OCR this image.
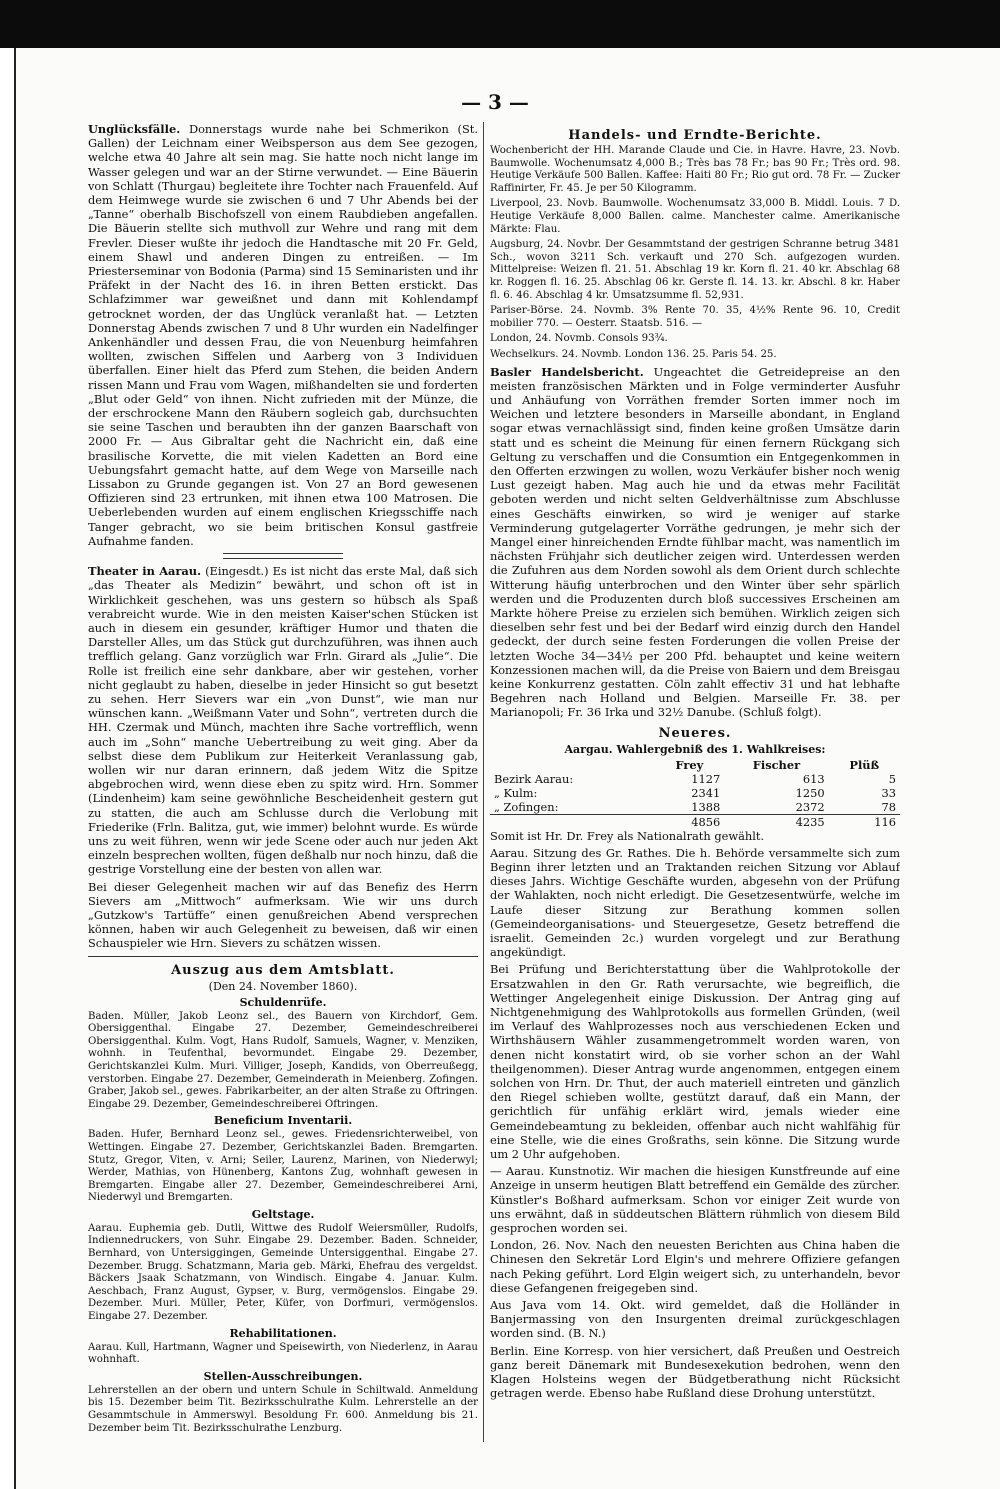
— 3 —

Unglücksfälle. Donnerstags wurde nahe bei Schmerikon (St. Gallen) der Leichnam einer Weibsperson aus dem See gezogen, welche etwa 40 Jahre alt sein mag. Sie hatte noch nicht lange im Wasser gelegen und war an der Stirne verwundet. — Eine Bäuerin von Schlatt (Thurgau) begleitete ihre Tochter nach Frauenfeld. Auf dem Heimwege wurde sie zwischen 6 und 7 Uhr Abends bei der „Tanne“ oberhalb Bischofszell von einem Raubdieben angefallen. Die Bäuerin stellte sich muthvoll zur Wehre und rang mit dem Frevler. Dieser wußte ihr jedoch die Handtasche mit 20 Fr. Geld, einem Shawl und anderen Dingen zu entreißen. — Im Priesterseminar von Bodonia (Parma) sind 15 Seminaristen und ihr Präfekt in der Nacht des 16. in ihren Betten erstickt. Das Schlafzimmer war geweißnet und dann mit Kohlendampf getrocknet worden, der das Unglück veranlaßt hat. — Letzten Donnerstag Abends zwischen 7 und 8 Uhr wurden ein Nadelfinger Ankenhändler und dessen Frau, die von Neuenburg heimfahren wollten, zwischen Siffelen und Aarberg von 3 Individuen überfallen. Einer hielt das Pferd zum Stehen, die beiden Andern rissen Mann und Frau vom Wagen, mißhandelten sie und forderten „Blut oder Geld“ von ihnen. Nicht zufrieden mit der Münze, die der erschrockene Mann den Räubern sogleich gab, durchsuchten sie seine Taschen und beraubten ihn der ganzen Baarschaft von 2000 Fr. — Aus Gibraltar geht die Nachricht ein, daß eine brasilische Korvette, die mit vielen Kadetten an Bord eine Uebungsfahrt gemacht hatte, auf dem Wege von Marseille nach Lissabon zu Grunde gegangen ist. Von 27 an Bord gewesenen Offizieren sind 23 ertrunken, mit ihnen etwa 100 Matrosen. Die Ueberlebenden wurden auf einem englischen Kriegsschiffe nach Tanger gebracht, wo sie beim britischen Konsul gastfreie Aufnahme fanden.

Theater in Aarau. (Eingesdt.) Es ist nicht das erste Mal, daß sich „das Theater als Medizin“ bewährt, und schon oft ist in Wirklichkeit geschehen, was uns gestern so hübsch als Spaß verabreicht wurde. Wie in den meisten Kaiser'schen Stücken ist auch in diesem ein gesunder, kräftiger Humor und thaten die Darsteller Alles, um das Stück gut durchzuführen, was ihnen auch trefflich gelang. Ganz vorzüglich war Frln. Girard als „Julie“. Die Rolle ist freilich eine sehr dankbare, aber wir gestehen, vorher nicht geglaubt zu haben, dieselbe in jeder Hinsicht so gut besetzt zu sehen. Herr Sievers war ein „von Dunst“, wie man nur wünschen kann. „Weißmann Vater und Sohn“, vertreten durch die HH. Czermak und Münch, machten ihre Sache vortrefflich, wenn auch im „Sohn“ manche Uebertreibung zu weit ging. Aber da selbst diese dem Publikum zur Heiterkeit Veranlassung gab, wollen wir nur daran erinnern, daß jedem Witz die Spitze abgebrochen wird, wenn diese eben zu spitz wird. Hrn. Sommer (Lindenheim) kam seine gewöhnliche Bescheidenheit gestern gut zu statten, die auch am Schlusse durch die Verlobung mit Friederike (Frln. Balitza, gut, wie immer) belohnt wurde. Es würde uns zu weit führen, wenn wir jede Scene oder auch nur jeden Akt einzeln besprechen wollten, fügen deßhalb nur noch hinzu, daß die gestrige Vorstellung eine der besten von allen war.

Bei dieser Gelegenheit machen wir auf das Benefiz des Herrn Sievers am „Mittwoch“ aufmerksam. Wie wir uns durch „Gutzkow's Tartüffe“ einen genußreichen Abend versprechen können, haben wir auch Gelegenheit zu beweisen, daß wir einen Schauspieler wie Hrn. Sievers zu schätzen wissen.

Auszug aus dem Amtsblatt.
(Den 24. November 1860).
Schuldenrüfe.

Baden. Müller, Jakob Leonz sel., des Bauern von Kirchdorf, Gem. Obersiggenthal. Eingabe 27. Dezember, Gemeindeschreiberei Obersiggenthal. Kulm. Vogt, Hans Rudolf, Samuels, Wagner, v. Menziken, wohnh. in Teufenthal, bevormundet. Eingabe 29. Dezember, Gerichtskanzlei Kulm. Muri. Villiger, Joseph, Kandids, von Oberreußegg, verstorben. Eingabe 27. Dezember, Gemeinderath in Meienberg. Zofingen. Graber, Jakob sel., gewes. Fabrikarbeiter, an der alten Straße zu Oftringen. Eingabe 29. Dezember, Gemeindeschreiberei Oftringen.

Beneficium Inventarii.

Baden. Hufer, Bernhard Leonz sel., gewes. Friedensrichterweibel, von Wettingen. Eingabe 27. Dezember, Gerichtskanzlei Baden. Bremgarten. Stutz, Gregor, Viten, v. Arni; Seiler, Laurenz, Marinen, von Niederwyl; Werder, Mathias, von Hünenberg, Kantons Zug, wohnhaft gewesen in Bremgarten. Eingabe aller 27. Dezember, Gemeindeschreiberei Arni, Niederwyl und Bremgarten.

Geltstage.

Aarau. Euphemia geb. Dutli, Wittwe des Rudolf Weiersmüller, Rudolfs, Indiennedruckers, von Suhr. Eingabe 29. Dezember. Baden. Schneider, Bernhard, von Untersiggingen, Gemeinde Untersiggenthal. Eingabe 27. Dezember. Brugg. Schatzmann, Maria geb. Märki, Ehefrau des vergeldst. Bäckers Jsaak Schatzmann, von Windisch. Eingabe 4. Januar. Kulm. Aeschbach, Franz August, Gypser, v. Burg, vermögenslos. Eingabe 29. Dezember. Muri. Müller, Peter, Küfer, von Dorfmuri, vermögenslos. Eingabe 27. Dezember.

Rehabilitationen.

Aarau. Kull, Hartmann, Wagner und Speisewirth, von Niederlenz, in Aarau wohnhaft.

Stellen-Ausschreibungen.

Lehrerstellen an der obern und untern Schule in Schiltwald. Anmeldung bis 15. Dezember beim Tit. Bezirksschulrathe Kulm. Lehrerstelle an der Gesammtschule in Ammerswyl. Besoldung Fr. 600. Anmeldung bis 21. Dezember beim Tit. Bezirksschulrathe Lenzburg.

Handels- und Erndte-Berichte.

Wochenbericht der HH. Marande Claude und Cie. in Havre. Havre, 23. Novb. Baumwolle. Wochenumsatz 4,000 B.; Très bas 78 Fr.; bas 90 Fr.; Très ord. 98. Heutige Verkäufe 500 Ballen. Kaffee: Haiti 80 Fr.; Rio gut ord. 78 Fr. — Zucker Raffinirter, Fr. 45. Je per 50 Kilogramm.

Liverpool, 23. Novb. Baumwolle. Wochenumsatz 33,000 B. Middl. Louis. 7 D. Heutige Verkäufe 8,000 Ballen. calme. Manchester calme. Amerikanische Märkte: Flau.

Augsburg, 24. Novbr. Der Gesammtstand der gestrigen Schranne betrug 3481 Sch., wovon 3211 Sch. verkauft und 270 Sch. aufgezogen wurden. Mittelpreise: Weizen fl. 21. 51. Abschlag 19 kr. Korn fl. 21. 40 kr. Abschlag 68 kr. Roggen fl. 16. 25. Abschlag 06 kr. Gerste fl. 14. 13. kr. Abschl. 8 kr. Haber fl. 6. 46. Abschlag 4 kr. Umsatzsumme fl. 52,931.

Pariser-Börse. 24. Novmb. 3% Rente 70. 35, 4½% Rente 96. 10, Credit mobilier 770. — Oesterr. Staatsb. 516. —

London, 24. Novmb. Consols 93¾.

Wechselkurs. 24. Novmb. London 136. 25. Paris 54. 25.

Basler Handelsbericht. Ungeachtet die Getreidepreise an den meisten französischen Märkten und in Folge verminderter Ausfuhr und Anhäufung von Vorräthen fremder Sorten immer noch im Weichen und letztere besonders in Marseille abondant, in England sogar etwas vernachlässigt sind, finden keine großen Umsätze darin statt und es scheint die Meinung für einen fernern Rückgang sich Geltung zu verschaffen und die Consumtion ein Entgegenkommen in den Offerten erzwingen zu wollen, wozu Verkäufer bisher noch wenig Lust gezeigt haben. Mag auch hie und da etwas mehr Facilität geboten werden und nicht selten Geldverhältnisse zum Abschlusse eines Geschäfts einwirken, so wird je weniger auf starke Verminderung gutgelagerter Vorräthe gedrungen, je mehr sich der Mangel einer hinreichenden Erndte fühlbar macht, was namentlich im nächsten Frühjahr sich deutlicher zeigen wird. Unterdessen werden die Zufuhren aus dem Norden sowohl als dem Orient durch schlechte Witterung häufig unterbrochen und den Winter über sehr spärlich werden und die Produzenten durch bloß successives Erscheinen am Markte höhere Preise zu erzielen sich bemühen. Wirklich zeigen sich dieselben sehr fest und bei der Bedarf wird einzig durch den Handel gedeckt, der durch seine festen Forderungen die vollen Preise der letzten Woche 34—34½ per 200 Pfd. behauptet und keine weitern Konzessionen machen will, da die Preise von Baiern und dem Breisgau keine Konkurrenz gestatten. Cöln zahlt effectiv 31 und hat lebhafte Begehren nach Holland und Belgien. Marseille Fr. 38. per Marianopoli; Fr. 36 Irka und 32½ Danube. (Schluß folgt).

Neueres.
Aargau. Wahlergebniß des 1. Wahlkreises:
	Frey	Fischer	Plüß
Bezirk Aarau:	1127	613	5
„ Kulm:	2341	1250	33
„ Zofingen:	1388	2372	78
	4856	4235	116

Somit ist Hr. Dr. Frey als Nationalrath gewählt.

Aarau. Sitzung des Gr. Rathes. Die h. Behörde versammelte sich zum Beginn ihrer letzten und an Traktanden reichen Sitzung vor Ablauf dieses Jahrs. Wichtige Geschäfte wurden, abgesehn von der Prüfung der Wahlakten, noch nicht erledigt. Die Gesetzesentwürfe, welche im Laufe dieser Sitzung zur Berathung kommen sollen (Gemeindeorganisations- und Steuergesetze, Gesetz betreffend die israelit. Gemeinden 2c.) wurden vorgelegt und zur Berathung angekündigt.

Bei Prüfung und Berichterstattung über die Wahlprotokolle der Ersatzwahlen in den Gr. Rath verursachte, wie begreiflich, die Wettinger Angelegenheit einige Diskussion. Der Antrag ging auf Nichtgenehmigung des Wahlprotokolls aus formellen Gründen, (weil im Verlauf des Wahlprozesses noch aus verschiedenen Ecken und Wirthshäusern Wähler zusammengetrommelt worden waren, von denen nicht konstatirt wird, ob sie vorher schon an der Wahl theilgenommen). Dieser Antrag wurde angenommen, entgegen einem solchen von Hrn. Dr. Thut, der auch materiell eintreten und gänzlich den Riegel schieben wollte, gestützt darauf, daß ein Mann, der gerichtlich für unfähig erklärt wird, jemals wieder eine Gemeindebeamtung zu bekleiden, offenbar auch nicht wahlfähig für eine Stelle, wie die eines Großraths, sein könne. Die Sitzung wurde um 2 Uhr aufgehoben.

— Aarau. Kunstnotiz. Wir machen die hiesigen Kunstfreunde auf eine Anzeige in unserm heutigen Blatt betreffend ein Gemälde des zürcher. Künstler's Boßhard aufmerksam. Schon vor einiger Zeit wurde von uns erwähnt, daß in süddeutschen Blättern rühmlich von diesem Bild gesprochen worden sei.

London, 26. Nov. Nach den neuesten Berichten aus China haben die Chinesen den Sekretär Lord Elgin's und mehrere Offiziere gefangen nach Peking geführt. Lord Elgin weigert sich, zu unterhandeln, bevor diese Gefangenen freigegeben sind.

Aus Java vom 14. Okt. wird gemeldet, daß die Holländer in Banjermassing von den Insurgenten dreimal zurückgeschlagen worden sind. (B. N.)

Berlin. Eine Korresp. von hier versichert, daß Preußen und Oestreich ganz bereit Dänemark mit Bundesexekution bedrohen, wenn den Klagen Holsteins wegen der Büdgetberathung nicht Rücksicht getragen werde. Ebenso habe Rußland diese Drohung unterstützt.
